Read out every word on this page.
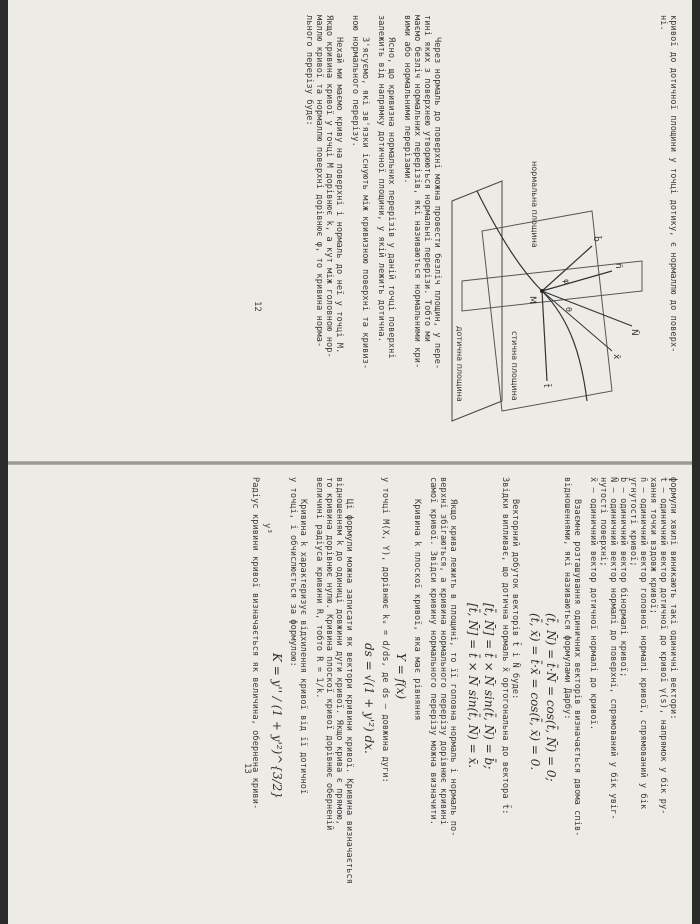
кривої до дотичної площини у точці дотику, є нормаллю до поверх-
ні.
дотична площина	стична площина
нормальна площина	b̄
n̄
N̄
t̄
x̄
M
φ
θ
Через нормаль до поверхні можна провести безліч площин, у пере-
тині яких з поверхнею утворюються нормальні перерізи. Тобто ми
маємо безліч нормальних перерізів, які називаються нормальними кри-
вими або нормальними перерізами.
Ясно, що кривизна нормальних перерізів у даній точці поверхні
залежить від напрямку дотичної площини, у якій лежить дотична.
З'ясуємо, які зв'язки існують між кривизною поверхні та кривиз-
ною нормального перерізу.
Нехай ми маємо криву на поверхні і нормаль до неї у точці М.
Якщо кривина кривої у точці М дорівнює k, а кут між головною нор-
маллю кривої та нормаллю поверхні дорівнює φ, то кривина норма-
льного перерізу буде:
12
формули хвилі виникають такі одиничні вектори:
t̄ – одиничний вектор дотичної до кривої γ(s), напрямок у бік ру-
хання точки вздовж кривої;
n̄ – одиничний вектор головної нормалі кривої, спрямований у бік
угнутості кривої;
b̄ – одиничний вектор бінормалі кривої;
N̄ – одиничний вектор нормалі до поверхні, спрямований у бік увіг-
нутості поверхні;
x̄ – одиничний вектор дотичної нормалі до кривої.
Взаємне розташування одиничних векторів визначається двома спів-
відношеннями, які називаються формулами Дарбу:
(t̄, N̄) = t̄·N̄ = cos(t̄, N̄) = 0;
(t̄, x̄) = t̄·x̄ = cos(t̄, x̄) = 0.
Векторний добуток векторів t̄ і N̄ буде:
Звідки випливає, що дотична нормаль x̄ ортогональна до вектора t̄:
[t̄, N̄] = t̄ × N̄ sin(t̄, N̄) = b̄;
[t̄, N̄] = t̄ × N̄ sin(t̄, N̄) = x̄.
Якщо крива лежить в площині, то її головна нормаль і нормаль по-
верхні збігаються, а кривина нормального перерізу дорівнює кривині
самої кривої. Звідси кривину нормального перерізу можна визначити.
Кривина k плоскої кривої, яка має рівняння
Y = f(x)
у точці M(X, Y), дорівнює kᵤ = d/ds, де ds – довжина дуги:
ds = √(1 + y'²) dx.
Ці формули можна записати як вектори кривини кривої. Кривина визначається
відношенням k до одиниці довжини дуги кривої. Якщо крива є прямою,
то кривина дорівнює нулю. Кривина плоскої кривої дорівнює оберненій
величині радіуса кривини R, тобто R = 1/k.
Кривина k характеризує відхилення кривої від її дотичної
у точці, і обчислюється за формулою:
K = y'' / (1 + y'²)^{3/2}
Радіус кривини кривої визначається як величина, обернена криви- y³
13
